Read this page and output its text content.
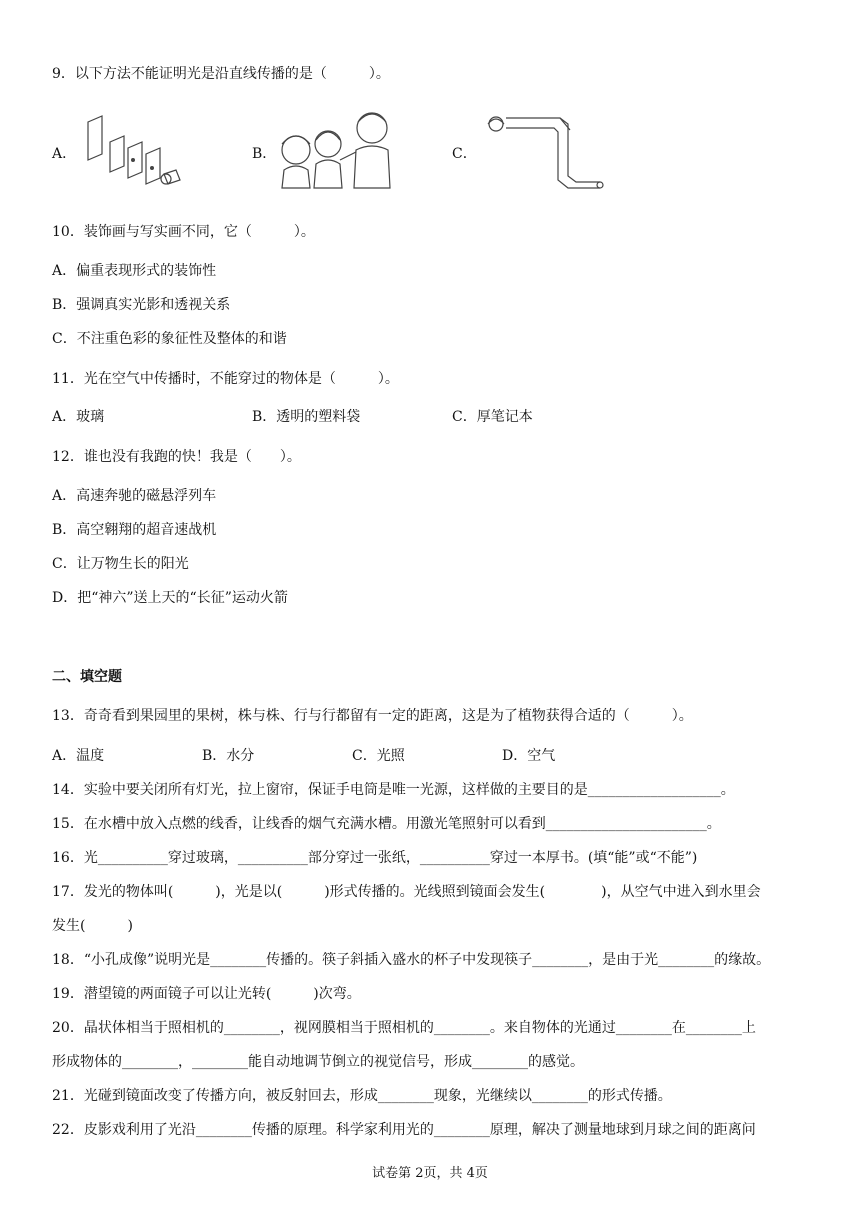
9．以下方法不能证明光是沿直线传播的是（　　　）。
A．	B．	C．
10．装饰画与写实画不同，它（　　　）。
A．偏重表现形式的装饰性
B．强调真实光影和透视关系
C．不注重色彩的象征性及整体的和谐
11．光在空气中传播时，不能穿过的物体是（　　　）。
A．玻璃	B．透明的塑料袋	C．厚笔记本
12．谁也没有我跑的快！我是（　　）。
A．高速奔驰的磁悬浮列车
B．高空翱翔的超音速战机
C．让万物生长的阳光
D．把“神六”送上天的“长征”运动火箭
二、填空题
13．奇奇看到果园里的果树，株与株、行与行都留有一定的距离，这是为了植物获得合适的（　　　）。
A．温度	B．水分	C．光照	D．空气
14．实验中要关闭所有灯光，拉上窗帘，保证手电筒是唯一光源，这样做的主要目的是___________________。
15．在水槽中放入点燃的线香，让线香的烟气充满水槽。用激光笔照射可以看到_______________________。
16．光__________穿过玻璃，__________部分穿过一张纸，__________穿过一本厚书。(填“能”或“不能”)
17．发光的物体叫(　　　)，光是以(　　　)形式传播的。光线照到镜面会发生(　　　　)，从空气中进入到水里会
发生(　　　)
18．“小孔成像”说明光是________传播的。筷子斜插入盛水的杯子中发现筷子________，是由于光________的缘故。
19．潜望镜的两面镜子可以让光转(　　　)次弯。
20．晶状体相当于照相机的________，视网膜相当于照相机的________。来自物体的光通过________在________上
形成物体的________，________能自动地调节倒立的视觉信号，形成________的感觉。
21．光碰到镜面改变了传播方向，被反射回去，形成________现象，光继续以________的形式传播。
22．皮影戏利用了光沿________传播的原理。科学家利用光的________原理，解决了测量地球到月球之间的距离问
试卷第 2页，共 4页
